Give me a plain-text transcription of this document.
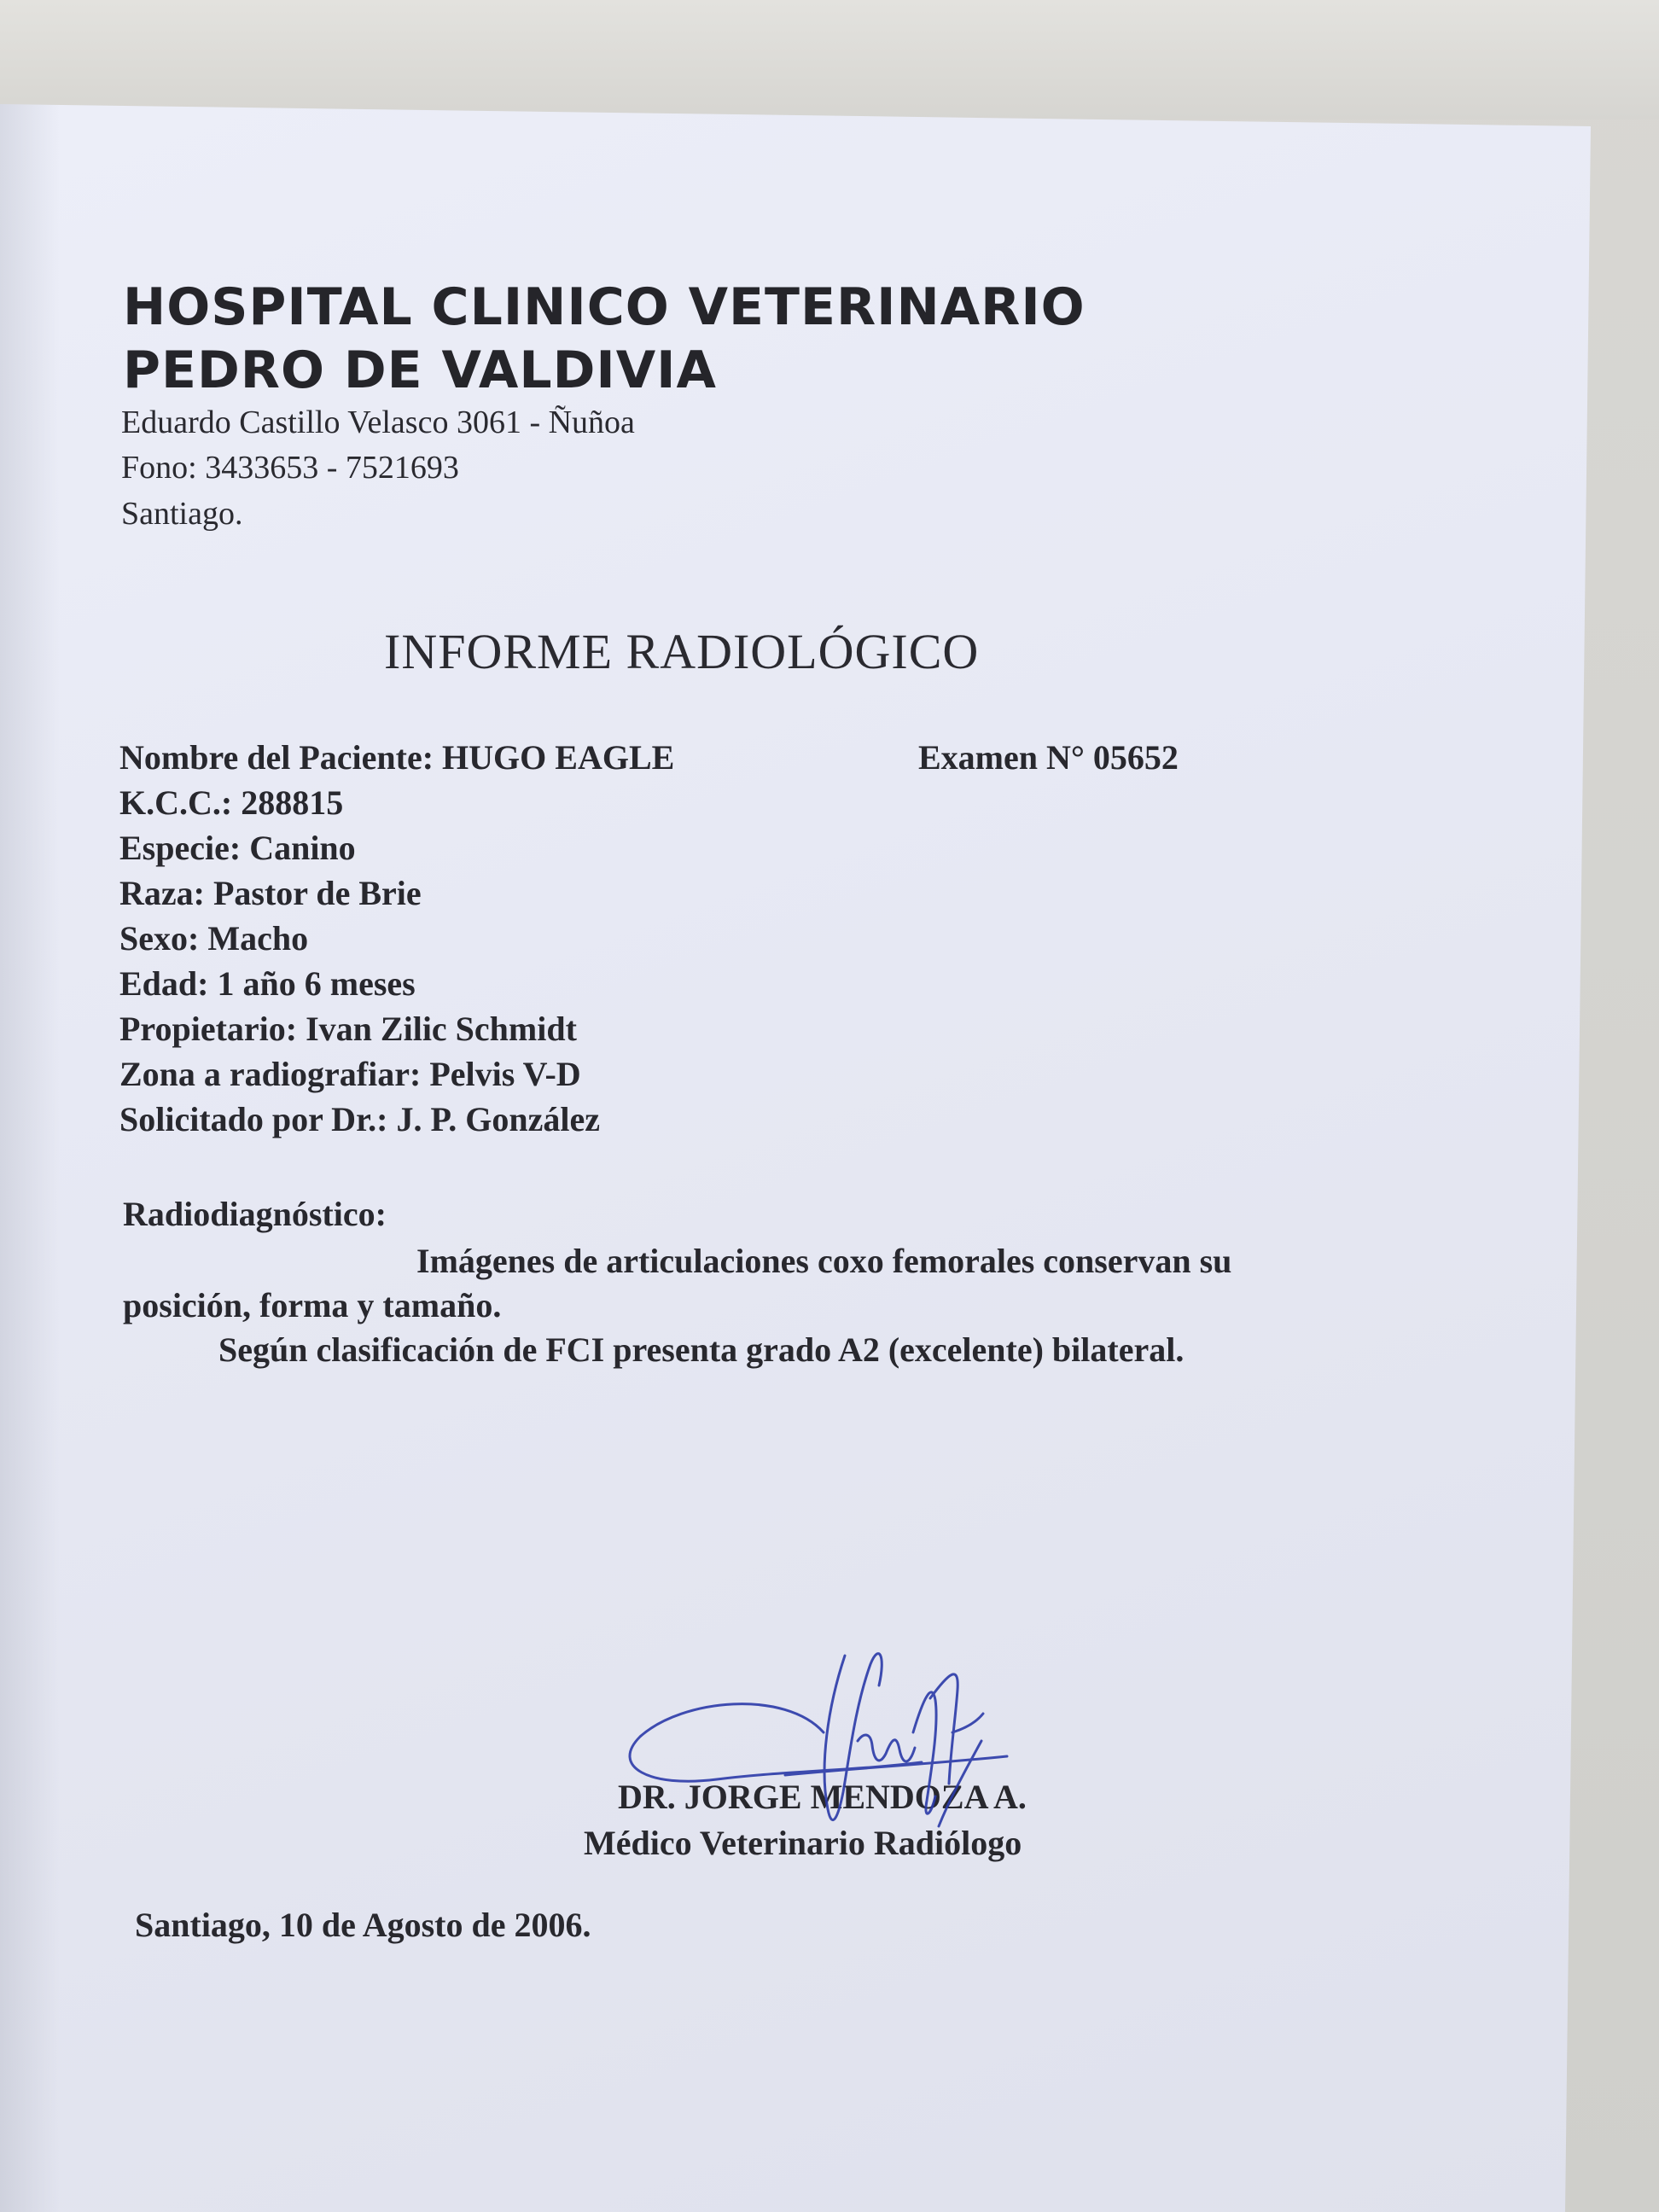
HOSPITAL CLINICO VETERINARIO
PEDRO DE VALDIVIA
Eduardo Castillo Velasco 3061 - Ñuñoa
Fono: 3433653 - 7521693
Santiago.
INFORME RADIOLÓGICO
Examen N° 05652
Nombre del Paciente: HUGO EAGLE
K.C.C.: 288815
Especie: Canino
Raza: Pastor de Brie
Sexo: Macho
Edad: 1 año 6 meses
Propietario: Ivan Zilic Schmidt
Zona a radiografiar: Pelvis V-D
Solicitado por Dr.: J. P. González
Radiodiagnóstico:
Imágenes de articulaciones coxo femorales conservan su
posición, forma y tamaño.
Según clasificación de FCI presenta grado A2 (excelente) bilateral.
DR. JORGE MENDOZA A.
Médico Veterinario Radiólogo
Santiago, 10 de Agosto de 2006.
